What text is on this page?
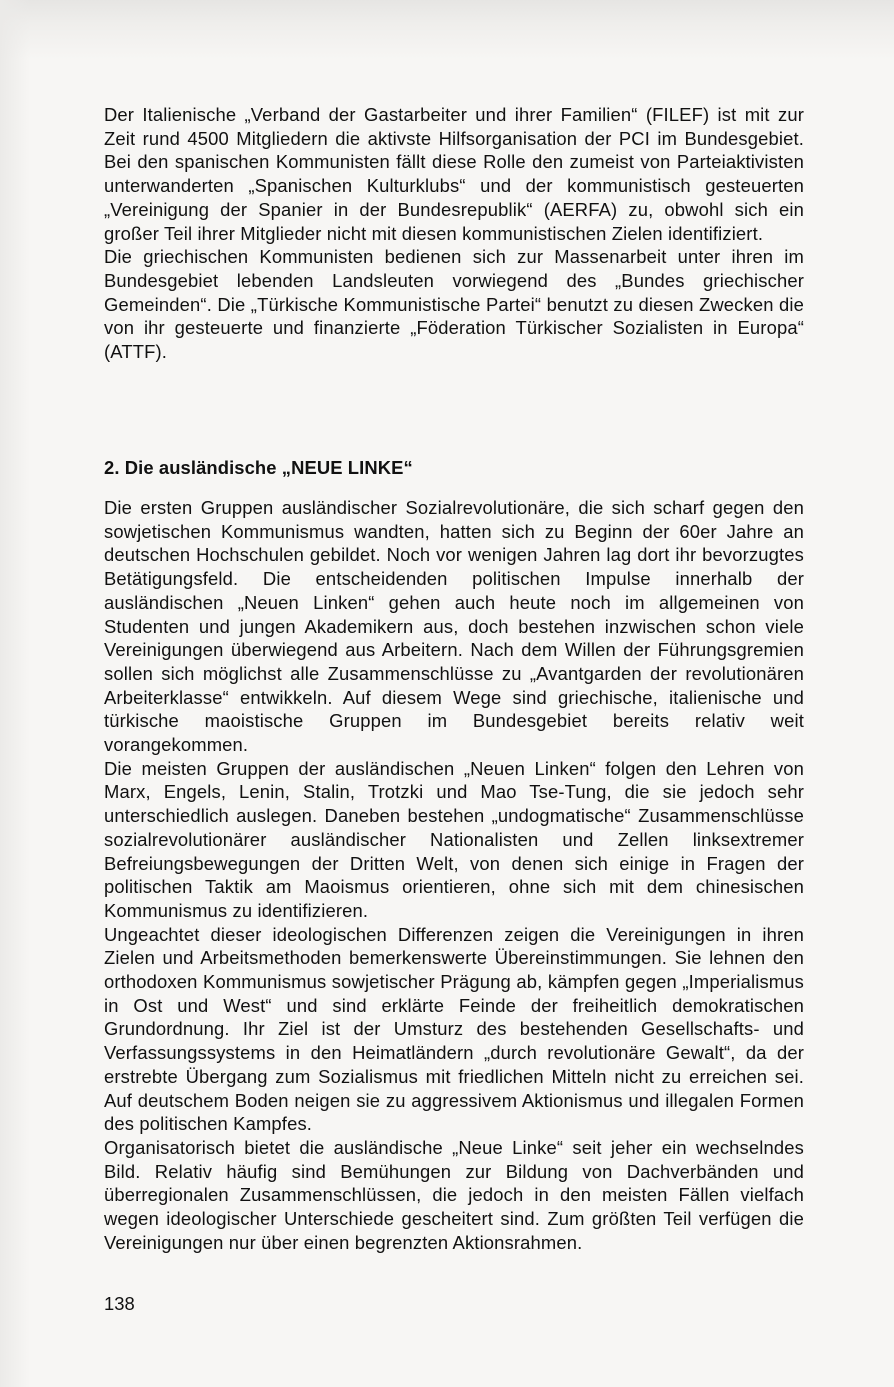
Der Italienische „Verband der Gastarbeiter und ihrer Familien“ (FILEF) ist mit zur Zeit rund 4500 Mitgliedern die aktivste Hilfsorganisation der PCI im Bundesgebiet. Bei den spanischen Kommunisten fällt diese Rolle den zumeist von Parteiaktivisten unterwanderten „Spanischen Kulturklubs“ und der kommunistisch gesteuerten „Vereinigung der Spanier in der Bundesrepublik“ (AERFA) zu, obwohl sich ein großer Teil ihrer Mitglieder nicht mit diesen kommunistischen Zielen identifiziert.

Die griechischen Kommunisten bedienen sich zur Massenarbeit unter ihren im Bundesgebiet lebenden Landsleuten vorwiegend des „Bundes griechischer Gemeinden“. Die „Türkische Kommunistische Partei“ benutzt zu diesen Zwecken die von ihr gesteuerte und finanzierte „Föderation Türkischer Sozialisten in Europa“ (ATTF).

2. Die ausländische „NEUE LINKE“

Die ersten Gruppen ausländischer Sozialrevolutionäre, die sich scharf gegen den sowjetischen Kommunismus wandten, hatten sich zu Beginn der 60er Jahre an deutschen Hochschulen gebildet. Noch vor wenigen Jahren lag dort ihr bevorzugtes Betätigungsfeld. Die entscheidenden politischen Impulse innerhalb der ausländischen „Neuen Linken“ gehen auch heute noch im allgemeinen von Studenten und jungen Akademikern aus, doch bestehen inzwischen schon viele Vereinigungen überwiegend aus Arbeitern. Nach dem Willen der Führungsgremien sollen sich möglichst alle Zusammenschlüsse zu „Avantgarden der revolutionären Arbeiterklasse“ entwikkeln. Auf diesem Wege sind griechische, italienische und türkische maoistische Gruppen im Bundesgebiet bereits relativ weit vorangekommen.

Die meisten Gruppen der ausländischen „Neuen Linken“ folgen den Lehren von Marx, Engels, Lenin, Stalin, Trotzki und Mao Tse-Tung, die sie jedoch sehr unterschiedlich auslegen. Daneben bestehen „undogmatische“ Zusammenschlüsse sozialrevolutionärer ausländischer Nationalisten und Zellen linksextremer Befreiungsbewegungen der Dritten Welt, von denen sich einige in Fragen der politischen Taktik am Maoismus orientieren, ohne sich mit dem chinesischen Kommunismus zu identifizieren.

Ungeachtet dieser ideologischen Differenzen zeigen die Vereinigungen in ihren Zielen und Arbeitsmethoden bemerkenswerte Übereinstimmungen. Sie lehnen den orthodoxen Kommunismus sowjetischer Prägung ab, kämpfen gegen „Imperialismus in Ost und West“ und sind erklärte Feinde der freiheitlich demokratischen Grundordnung. Ihr Ziel ist der Umsturz des bestehenden Gesellschafts- und Verfassungssystems in den Heimatländern „durch revolutionäre Gewalt“, da der erstrebte Übergang zum Sozialismus mit friedlichen Mitteln nicht zu erreichen sei. Auf deutschem Boden neigen sie zu aggressivem Aktionismus und illegalen Formen des politischen Kampfes.

Organisatorisch bietet die ausländische „Neue Linke“ seit jeher ein wechselndes Bild. Relativ häufig sind Bemühungen zur Bildung von Dachverbänden und überregionalen Zusammenschlüssen, die jedoch in den meisten Fällen vielfach wegen ideologischer Unterschiede gescheitert sind. Zum größten Teil verfügen die Vereinigungen nur über einen begrenzten Aktionsrahmen.

138
